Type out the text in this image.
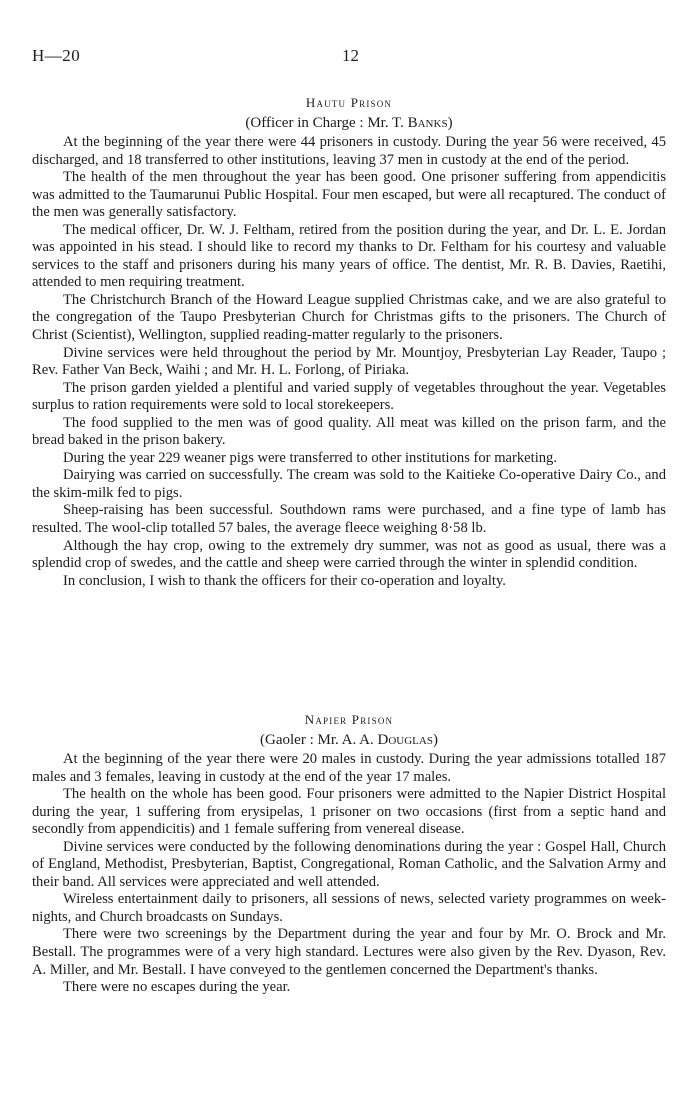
H—20	12

Hautu Prison

(Officer in Charge : Mr. T. Banks)

At the beginning of the year there were 44 prisoners in custody. During the year 56 were received, 45 discharged, and 18 transferred to other institutions, leaving 37 men in custody at the end of the period.

The health of the men throughout the year has been good. One prisoner suffering from appendicitis was admitted to the Taumarunui Public Hospital. Four men escaped, but were all recaptured. The conduct of the men was generally satisfactory.

The medical officer, Dr. W. J. Feltham, retired from the position during the year, and Dr. L. E. Jordan was appointed in his stead. I should like to record my thanks to Dr. Feltham for his courtesy and valuable services to the staff and prisoners during his many years of office. The dentist, Mr. R. B. Davies, Raetihi, attended to men requiring treatment.

The Christchurch Branch of the Howard League supplied Christmas cake, and we are also grateful to the congregation of the Taupo Presbyterian Church for Christmas gifts to the prisoners. The Church of Christ (Scientist), Wellington, supplied reading-matter regularly to the prisoners.

Divine services were held throughout the period by Mr. Mountjoy, Presbyterian Lay Reader, Taupo ; Rev. Father Van Beck, Waihi ; and Mr. H. L. Forlong, of Piriaka.

The prison garden yielded a plentiful and varied supply of vegetables throughout the year. Vegetables surplus to ration requirements were sold to local storekeepers.

The food supplied to the men was of good quality. All meat was killed on the prison farm, and the bread baked in the prison bakery.

During the year 229 weaner pigs were transferred to other institutions for marketing.

Dairying was carried on successfully. The cream was sold to the Kaitieke Co-operative Dairy Co., and the skim-milk fed to pigs.

Sheep-raising has been successful. Southdown rams were purchased, and a fine type of lamb has resulted. The wool-clip totalled 57 bales, the average fleece weighing 8·58 lb.

Although the hay crop, owing to the extremely dry summer, was not as good as usual, there was a splendid crop of swedes, and the cattle and sheep were carried through the winter in splendid condition.

In conclusion, I wish to thank the officers for their co-operation and loyalty.

Napier Prison

(Gaoler : Mr. A. A. Douglas)

At the beginning of the year there were 20 males in custody. During the year admissions totalled 187 males and 3 females, leaving in custody at the end of the year 17 males.

The health on the whole has been good. Four prisoners were admitted to the Napier District Hospital during the year, 1 suffering from erysipelas, 1 prisoner on two occasions (first from a septic hand and secondly from appendicitis) and 1 female suffering from venereal disease.

Divine services were conducted by the following denominations during the year : Gospel Hall, Church of England, Methodist, Presbyterian, Baptist, Congregational, Roman Catholic, and the Salvation Army and their band. All services were appreciated and well attended.

Wireless entertainment daily to prisoners, all sessions of news, selected variety programmes on week-nights, and Church broadcasts on Sundays.

There were two screenings by the Department during the year and four by Mr. O. Brock and Mr. Bestall. The programmes were of a very high standard. Lectures were also given by the Rev. Dyason, Rev. A. Miller, and Mr. Bestall. I have conveyed to the gentlemen concerned the Department's thanks.

There were no escapes during the year.
